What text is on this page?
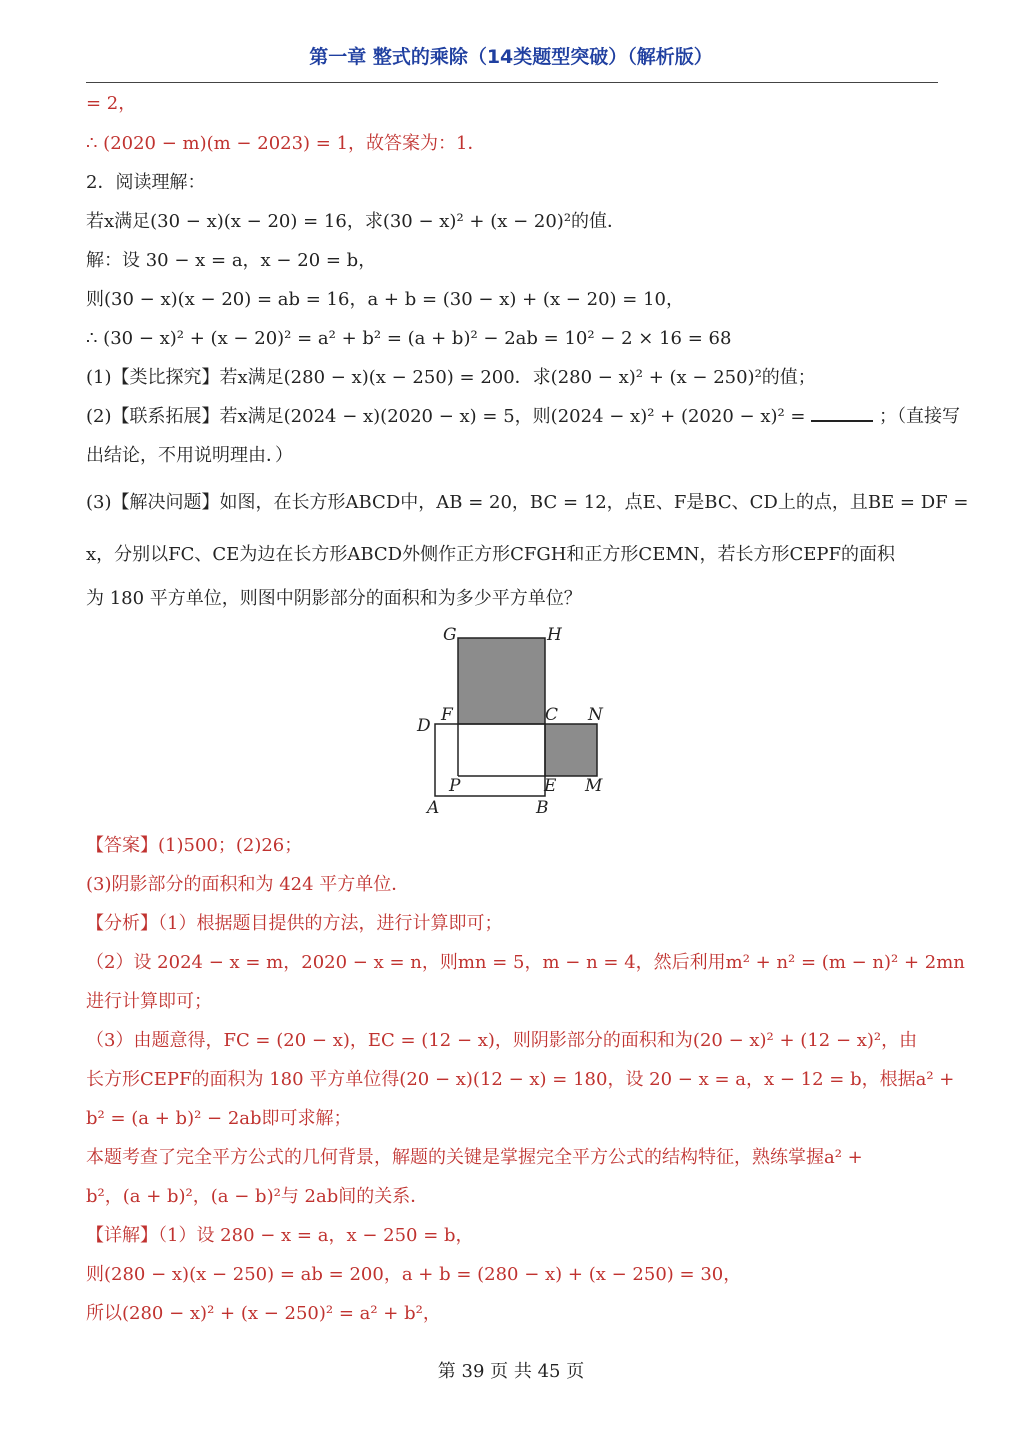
第一章 整式的乘除（14类题型突破）（解析版）
= 2，
∴ (2020 − m)(m − 2023) = 1，故答案为：1．
2．阅读理解：
若x满足(30 − x)(x − 20) = 16，求(30 − x)² + (x − 20)²的值．
解：设 30 − x = a，x − 20 = b，
则(30 − x)(x − 20) = ab = 16，a + b = (30 − x) + (x − 20) = 10，
∴ (30 − x)² + (x − 20)² = a² + b² = (a + b)² − 2ab = 10² − 2 × 16 = 68
(1)【类比探究】若x满足(280 − x)(x − 250) = 200．求(280 − x)² + (x − 250)²的值；
(2)【联系拓展】若x满足(2024 − x)(2020 − x) = 5，则(2024 − x)² + (2020 − x)² =	；（直接写
出结论，不用说明理由．）
(3)【解决问题】如图，在长方形ABCD中，AB = 20，BC = 12，点E、F是BC、CD上的点，且BE = DF =
x，分别以FC、CE为边在长方形ABCD外侧作正方形CFGH和正方形CEMN，若长方形CEPF的面积
为 180 平方单位，则图中阴影部分的面积和为多少平方单位？
G	H
D
F	C N
P	E M
A	B
【答案】(1)500；(2)26；
(3)阴影部分的面积和为 424 平方单位．
【分析】（1）根据题目提供的方法，进行计算即可；
（2）设 2024 − x = m，2020 − x = n，则mn = 5，m − n = 4，然后利用m² + n² = (m − n)² + 2mn
进行计算即可；
（3）由题意得，FC = (20 − x)，EC = (12 − x)，则阴影部分的面积和为(20 − x)² + (12 − x)²，由
长方形CEPF的面积为 180 平方单位得(20 − x)(12 − x) = 180，设 20 − x = a，x − 12 = b，根据a² +
b² = (a + b)² − 2ab即可求解；
本题考查了完全平方公式的几何背景，解题的关键是掌握完全平方公式的结构特征，熟练掌握a² +
b²，(a + b)²，(a − b)²与 2ab间的关系．
【详解】（1）设 280 − x = a，x − 250 = b，
则(280 − x)(x − 250) = ab = 200，a + b = (280 − x) + (x − 250) = 30，
所以(280 − x)² + (x − 250)² = a² + b²，
第 39 页 共 45 页
